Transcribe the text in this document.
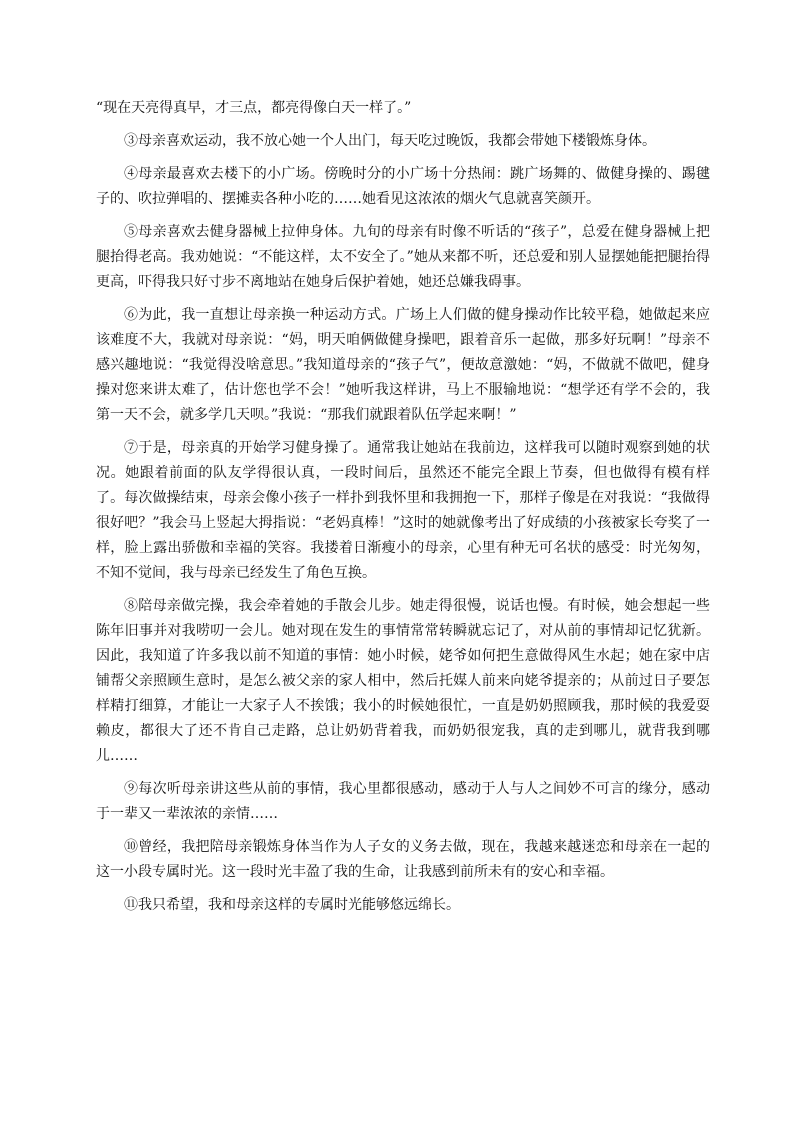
“现在天亮得真早，才三点，都亮得像白天一样了。”

③母亲喜欢运动，我不放心她一个人出门，每天吃过晚饭，我都会带她下楼锻炼身体。

④母亲最喜欢去楼下的小广场。傍晚时分的小广场十分热闹：跳广场舞的、做健身操的、踢毽子的、吹拉弹唱的、摆摊卖各种小吃的……她看见这浓浓的烟火气息就喜笑颜开。

⑤母亲喜欢去健身器械上拉伸身体。九旬的母亲有时像不听话的“孩子”，总爱在健身器械上把腿抬得老高。我劝她说：“不能这样，太不安全了。”她从来都不听，还总爱和别人显摆她能把腿抬得更高，吓得我只好寸步不离地站在她身后保护着她，她还总嫌我碍事。

⑥为此，我一直想让母亲换一种运动方式。广场上人们做的健身操动作比较平稳，她做起来应该难度不大，我就对母亲说：“妈，明天咱俩做健身操吧，跟着音乐一起做，那多好玩啊！”母亲不感兴趣地说：“我觉得没啥意思。”我知道母亲的“孩子气”，便故意激她：“妈，不做就不做吧，健身操对您来讲太难了，估计您也学不会！”她听我这样讲，马上不服输地说：“想学还有学不会的，我第一天不会，就多学几天呗。”我说：“那我们就跟着队伍学起来啊！”

⑦于是，母亲真的开始学习健身操了。通常我让她站在我前边，这样我可以随时观察到她的状况。她跟着前面的队友学得很认真，一段时间后，虽然还不能完全跟上节奏，但也做得有模有样了。每次做操结束，母亲会像小孩子一样扑到我怀里和我拥抱一下，那样子像是在对我说：“我做得很好吧？”我会马上竖起大拇指说：“老妈真棒！”这时的她就像考出了好成绩的小孩被家长夸奖了一样，脸上露出骄傲和幸福的笑容。我搂着日渐瘦小的母亲，心里有种无可名状的感受：时光匆匆，不知不觉间，我与母亲已经发生了角色互换。

⑧陪母亲做完操，我会牵着她的手散会儿步。她走得很慢，说话也慢。有时候，她会想起一些陈年旧事并对我唠叨一会儿。她对现在发生的事情常常转瞬就忘记了，对从前的事情却记忆犹新。因此，我知道了许多我以前不知道的事情：她小时候，姥爷如何把生意做得风生水起；她在家中店铺帮父亲照顾生意时，是怎么被父亲的家人相中，然后托媒人前来向姥爷提亲的；从前过日子要怎样精打细算，才能让一大家子人不挨饿；我小的时候她很忙，一直是奶奶照顾我，那时候的我爱耍赖皮，都很大了还不肯自己走路，总让奶奶背着我，而奶奶很宠我，真的走到哪儿，就背我到哪儿……

⑨每次听母亲讲这些从前的事情，我心里都很感动，感动于人与人之间妙不可言的缘分，感动于一辈又一辈浓浓的亲情……

⑩曾经，我把陪母亲锻炼身体当作为人子女的义务去做，现在，我越来越迷恋和母亲在一起的这一小段专属时光。这一段时光丰盈了我的生命，让我感到前所未有的安心和幸福。

⑪我只希望，我和母亲这样的专属时光能够悠远绵长。
